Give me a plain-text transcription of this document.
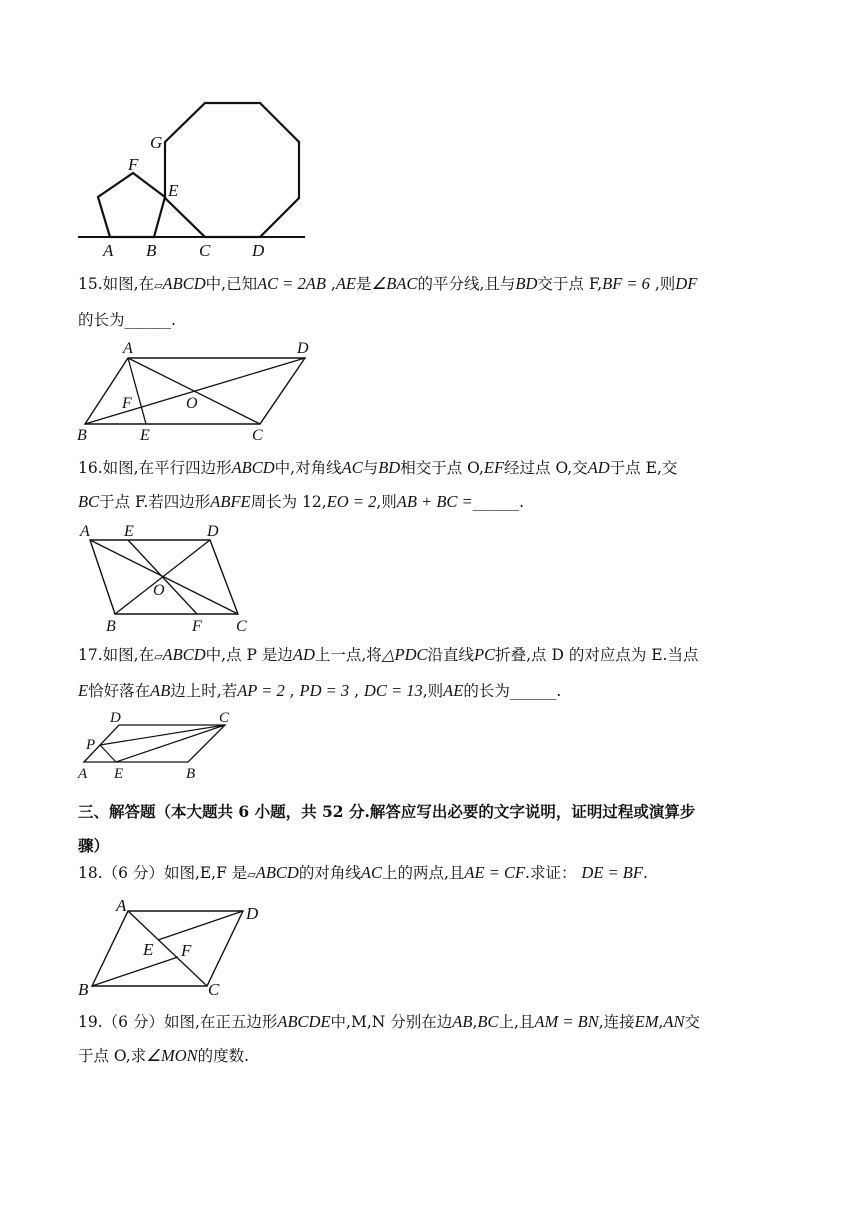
A B	C D
E
F
G
15.如图,在▱ABCD中,已知AC = 2AB ,AE是∠BAC的平分线,且与BD交于点 F,BF = 6 ,则DF
的长为______.
A	D
B	E	C
F	O
16.如图,在平行四边形ABCD中,对角线AC与BD相交于点 O,EF经过点 O,交AD于点 E,交
BC于点 F.若四边形ABFE周长为 12,EO = 2,则AB + BC =______.
A E	D
O
B	F C
17.如图,在▱ABCD中,点 P 是边AD上一点,将△PDC沿直线PC折叠,点 D 的对应点为 E.当点
E恰好落在AB边上时,若AP = 2 , PD = 3 , DC = 13,则AE的长为______.
D	C
P
A E	B
三、解答题（本大题共 6 小题，共 52 分.解答应写出必要的文字说明，证明过程或演算步
骤）
18.（6 分）如图,E,F 是▱ABCD的对角线AC上的两点,且AE = CF.求证： DE = BF.
A	D
E F
B	C
19.（6 分）如图,在正五边形ABCDE中,M,N 分别在边AB,BC上,且AM = BN,连接EM,AN交
于点 O,求∠MON的度数.
